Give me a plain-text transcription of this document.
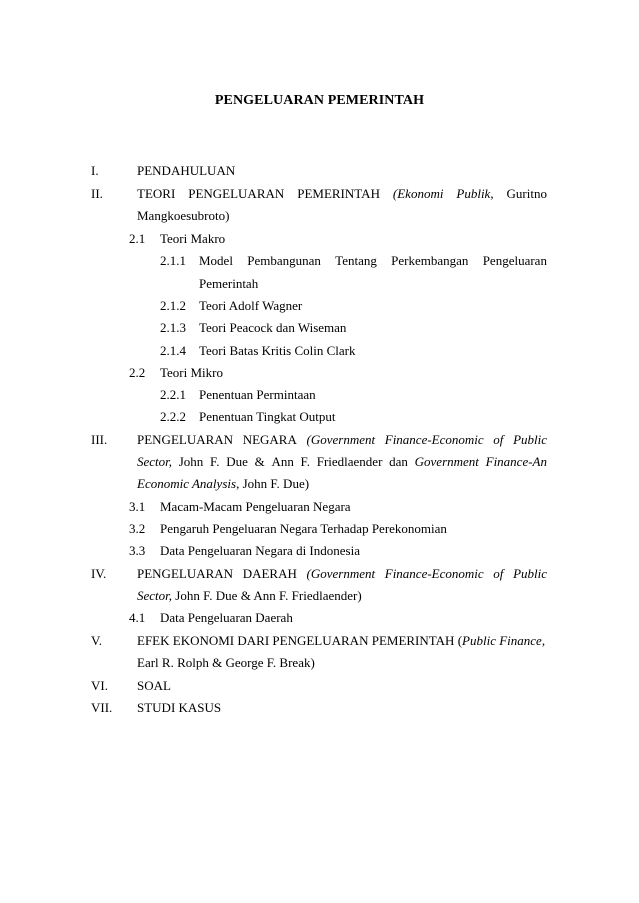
PENGELUARAN PEMERINTAH
I.	PENDAHULUAN
II.	TEORI PENGELUARAN PEMERINTAH (Ekonomi Publik, Guritno
Mangkoesubroto)
2.1 Teori Makro
2.1.1 Model Pembangunan Tentang Perkembangan Pengeluaran
Pemerintah
2.1.2 Teori Adolf Wagner
2.1.3 Teori Peacock dan Wiseman
2.1.4 Teori Batas Kritis Colin Clark
2.2 Teori Mikro
2.2.1 Penentuan Permintaan
2.2.2 Penentuan Tingkat Output
III. PENGELUARAN NEGARA (Government Finance-Economic of Public
Sector, John F. Due & Ann F. Friedlaender dan Government Finance-An
Economic Analysis, John F. Due)
3.1 Macam-Macam Pengeluaran Negara
3.2 Pengaruh Pengeluaran Negara Terhadap Perekonomian
3.3 Data Pengeluaran Negara di Indonesia
IV. PENGELUARAN DAERAH (Government Finance-Economic of Public
Sector, John F. Due & Ann F. Friedlaender)
4.1 Data Pengeluaran Daerah
V.	EFEK EKONOMI DARI PENGELUARAN PEMERINTAH (Public Finance,
Earl R. Rolph & George F. Break)
VI. SOAL
VII. STUDI KASUS
